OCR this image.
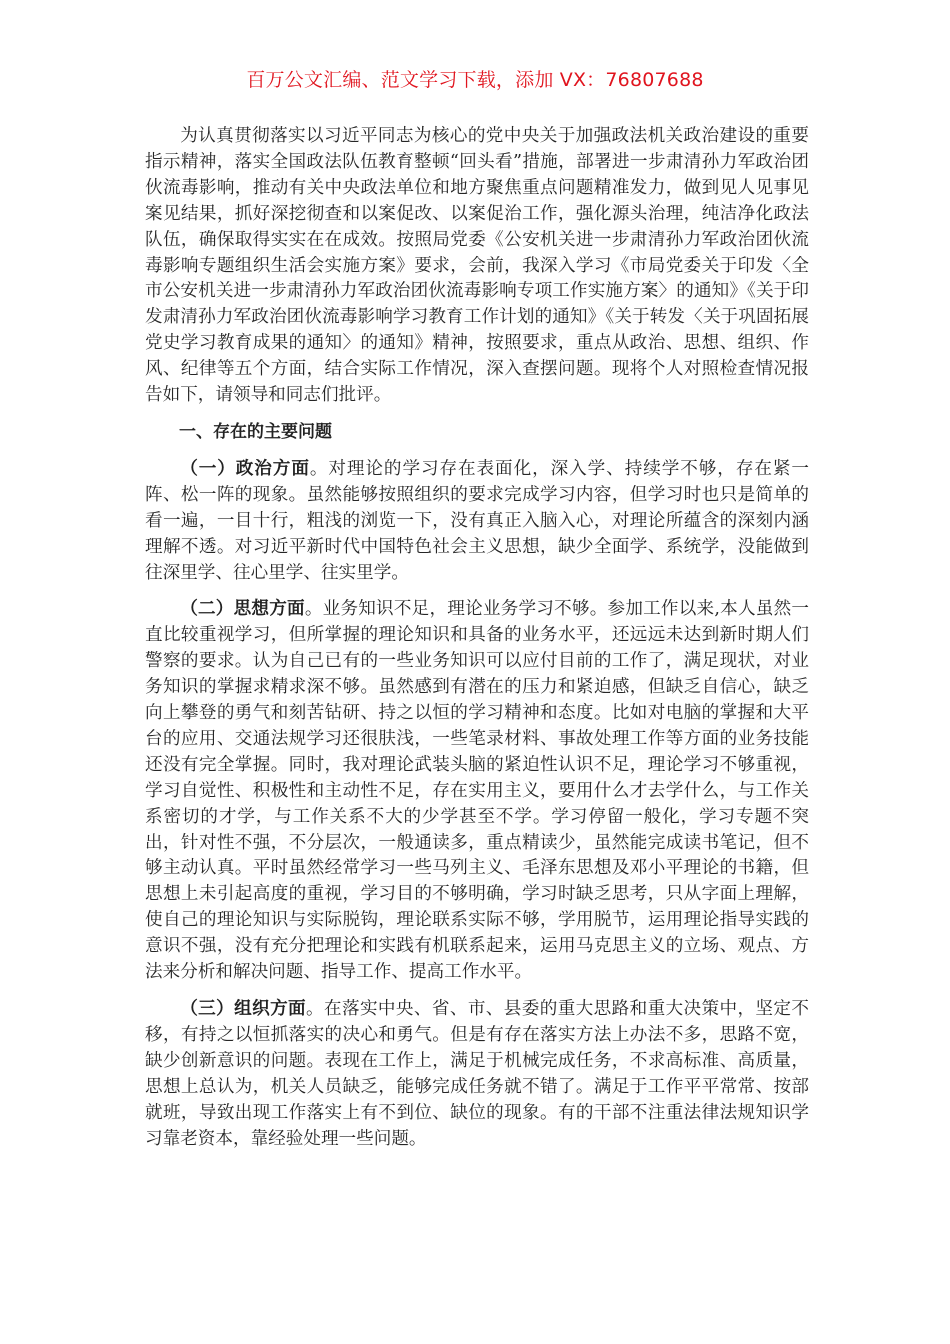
百万公文汇编、范文学习下载，添加 VX：76807688

为认真贯彻落实以习近平同志为核心的党中央关于加强政法机关政治建设的重要指示精神，落实全国政法队伍教育整顿“回头看”措施，部署进一步肃清孙力军政治团伙流毒影响，推动有关中央政法单位和地方聚焦重点问题精准发力，做到见人见事见案见结果，抓好深挖彻查和以案促改、以案促治工作，强化源头治理，纯洁净化政法队伍，确保取得实实在在成效。按照局党委《公安机关进一步肃清孙力军政治团伙流毒影响专题组织生活会实施方案》要求，会前，我深入学习《市局党委关于印发〈全市公安机关进一步肃清孙力军政治团伙流毒影响专项工作实施方案〉的通知》《关于印发肃清孙力军政治团伙流毒影响学习教育工作计划的通知》《关于转发〈关于巩固拓展党史学习教育成果的通知〉的通知》精神，按照要求，重点从政治、思想、组织、作风、纪律等五个方面，结合实际工作情况，深入查摆问题。现将个人对照检查情况报告如下，请领导和同志们批评。

一、存在的主要问题

（一）政治方面。对理论的学习存在表面化，深入学、持续学不够，存在紧一阵、松一阵的现象。虽然能够按照组织的要求完成学习内容，但学习时也只是简单的看一遍，一目十行，粗浅的浏览一下，没有真正入脑入心，对理论所蕴含的深刻内涵理解不透。对习近平新时代中国特色社会主义思想，缺少全面学、系统学，没能做到往深里学、往心里学、往实里学。

（二）思想方面。业务知识不足，理论业务学习不够。参加工作以来,本人虽然一直比较重视学习，但所掌握的理论知识和具备的业务水平，还远远未达到新时期人们警察的要求。认为自己已有的一些业务知识可以应付目前的工作了，满足现状，对业务知识的掌握求精求深不够。虽然感到有潜在的压力和紧迫感，但缺乏自信心，缺乏向上攀登的勇气和刻苦钻研、持之以恒的学习精神和态度。比如对电脑的掌握和大平台的应用、交通法规学习还很肤浅，一些笔录材料、事故处理工作等方面的业务技能还没有完全掌握。同时，我对理论武装头脑的紧迫性认识不足，理论学习不够重视，学习自觉性、积极性和主动性不足，存在实用主义，要用什么才去学什么，与工作关系密切的才学，与工作关系不大的少学甚至不学。学习停留一般化，学习专题不突出，针对性不强，不分层次，一般通读多，重点精读少，虽然能完成读书笔记，但不够主动认真。平时虽然经常学习一些马列主义、毛泽东思想及邓小平理论的书籍，但思想上未引起高度的重视，学习目的不够明确，学习时缺乏思考，只从字面上理解，使自己的理论知识与实际脱钩，理论联系实际不够，学用脱节，运用理论指导实践的意识不强，没有充分把理论和实践有机联系起来，运用马克思主义的立场、观点、方法来分析和解决问题、指导工作、提高工作水平。

（三）组织方面。在落实中央、省、市、县委的重大思路和重大决策中，坚定不移，有持之以恒抓落实的决心和勇气。但是有存在落实方法上办法不多，思路不宽，缺少创新意识的问题。表现在工作上，满足于机械完成任务，不求高标准、高质量，思想上总认为，机关人员缺乏，能够完成任务就不错了。满足于工作平平常常、按部就班，导致出现工作落实上有不到位、缺位的现象。有的干部不注重法律法规知识学习靠老资本，靠经验处理一些问题。
